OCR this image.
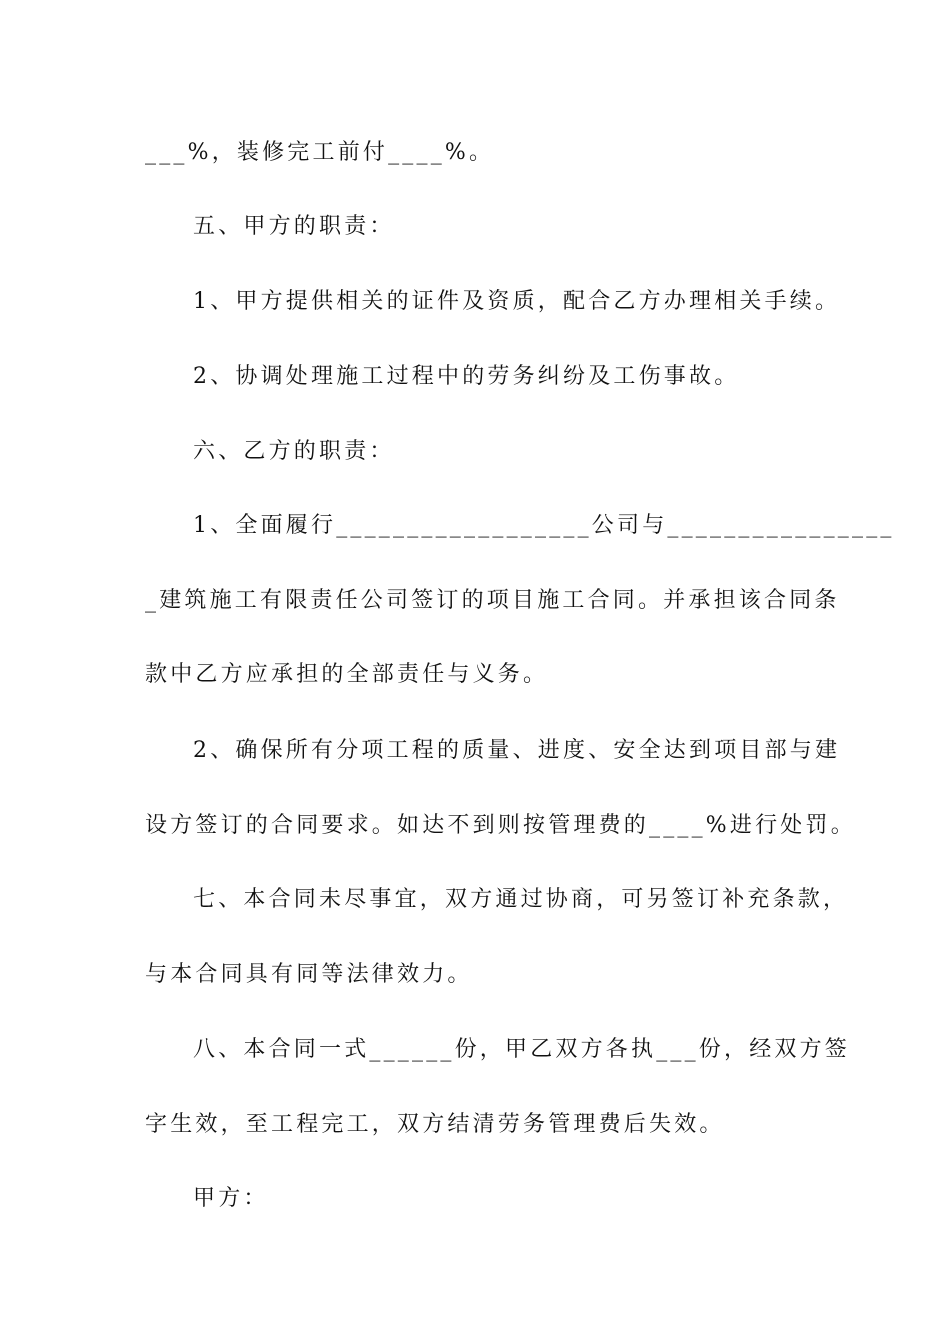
___%，装修完工前付____%。
五、甲方的职责：
1、甲方提供相关的证件及资质，配合乙方办理相关手续。
2、协调处理施工过程中的劳务纠纷及工伤事故。
六、乙方的职责：
1、全面履行__________________公司与________________
_建筑施工有限责任公司签订的项目施工合同。并承担该合同条
款中乙方应承担的全部责任与义务。
2、确保所有分项工程的质量、进度、安全达到项目部与建
设方签订的合同要求。如达不到则按管理费的____%进行处罚。
七、本合同未尽事宜，双方通过协商，可另签订补充条款，
与本合同具有同等法律效力。
八、本合同一式______份，甲乙双方各执___份，经双方签
字生效，至工程完工，双方结清劳务管理费后失效。
甲方：
